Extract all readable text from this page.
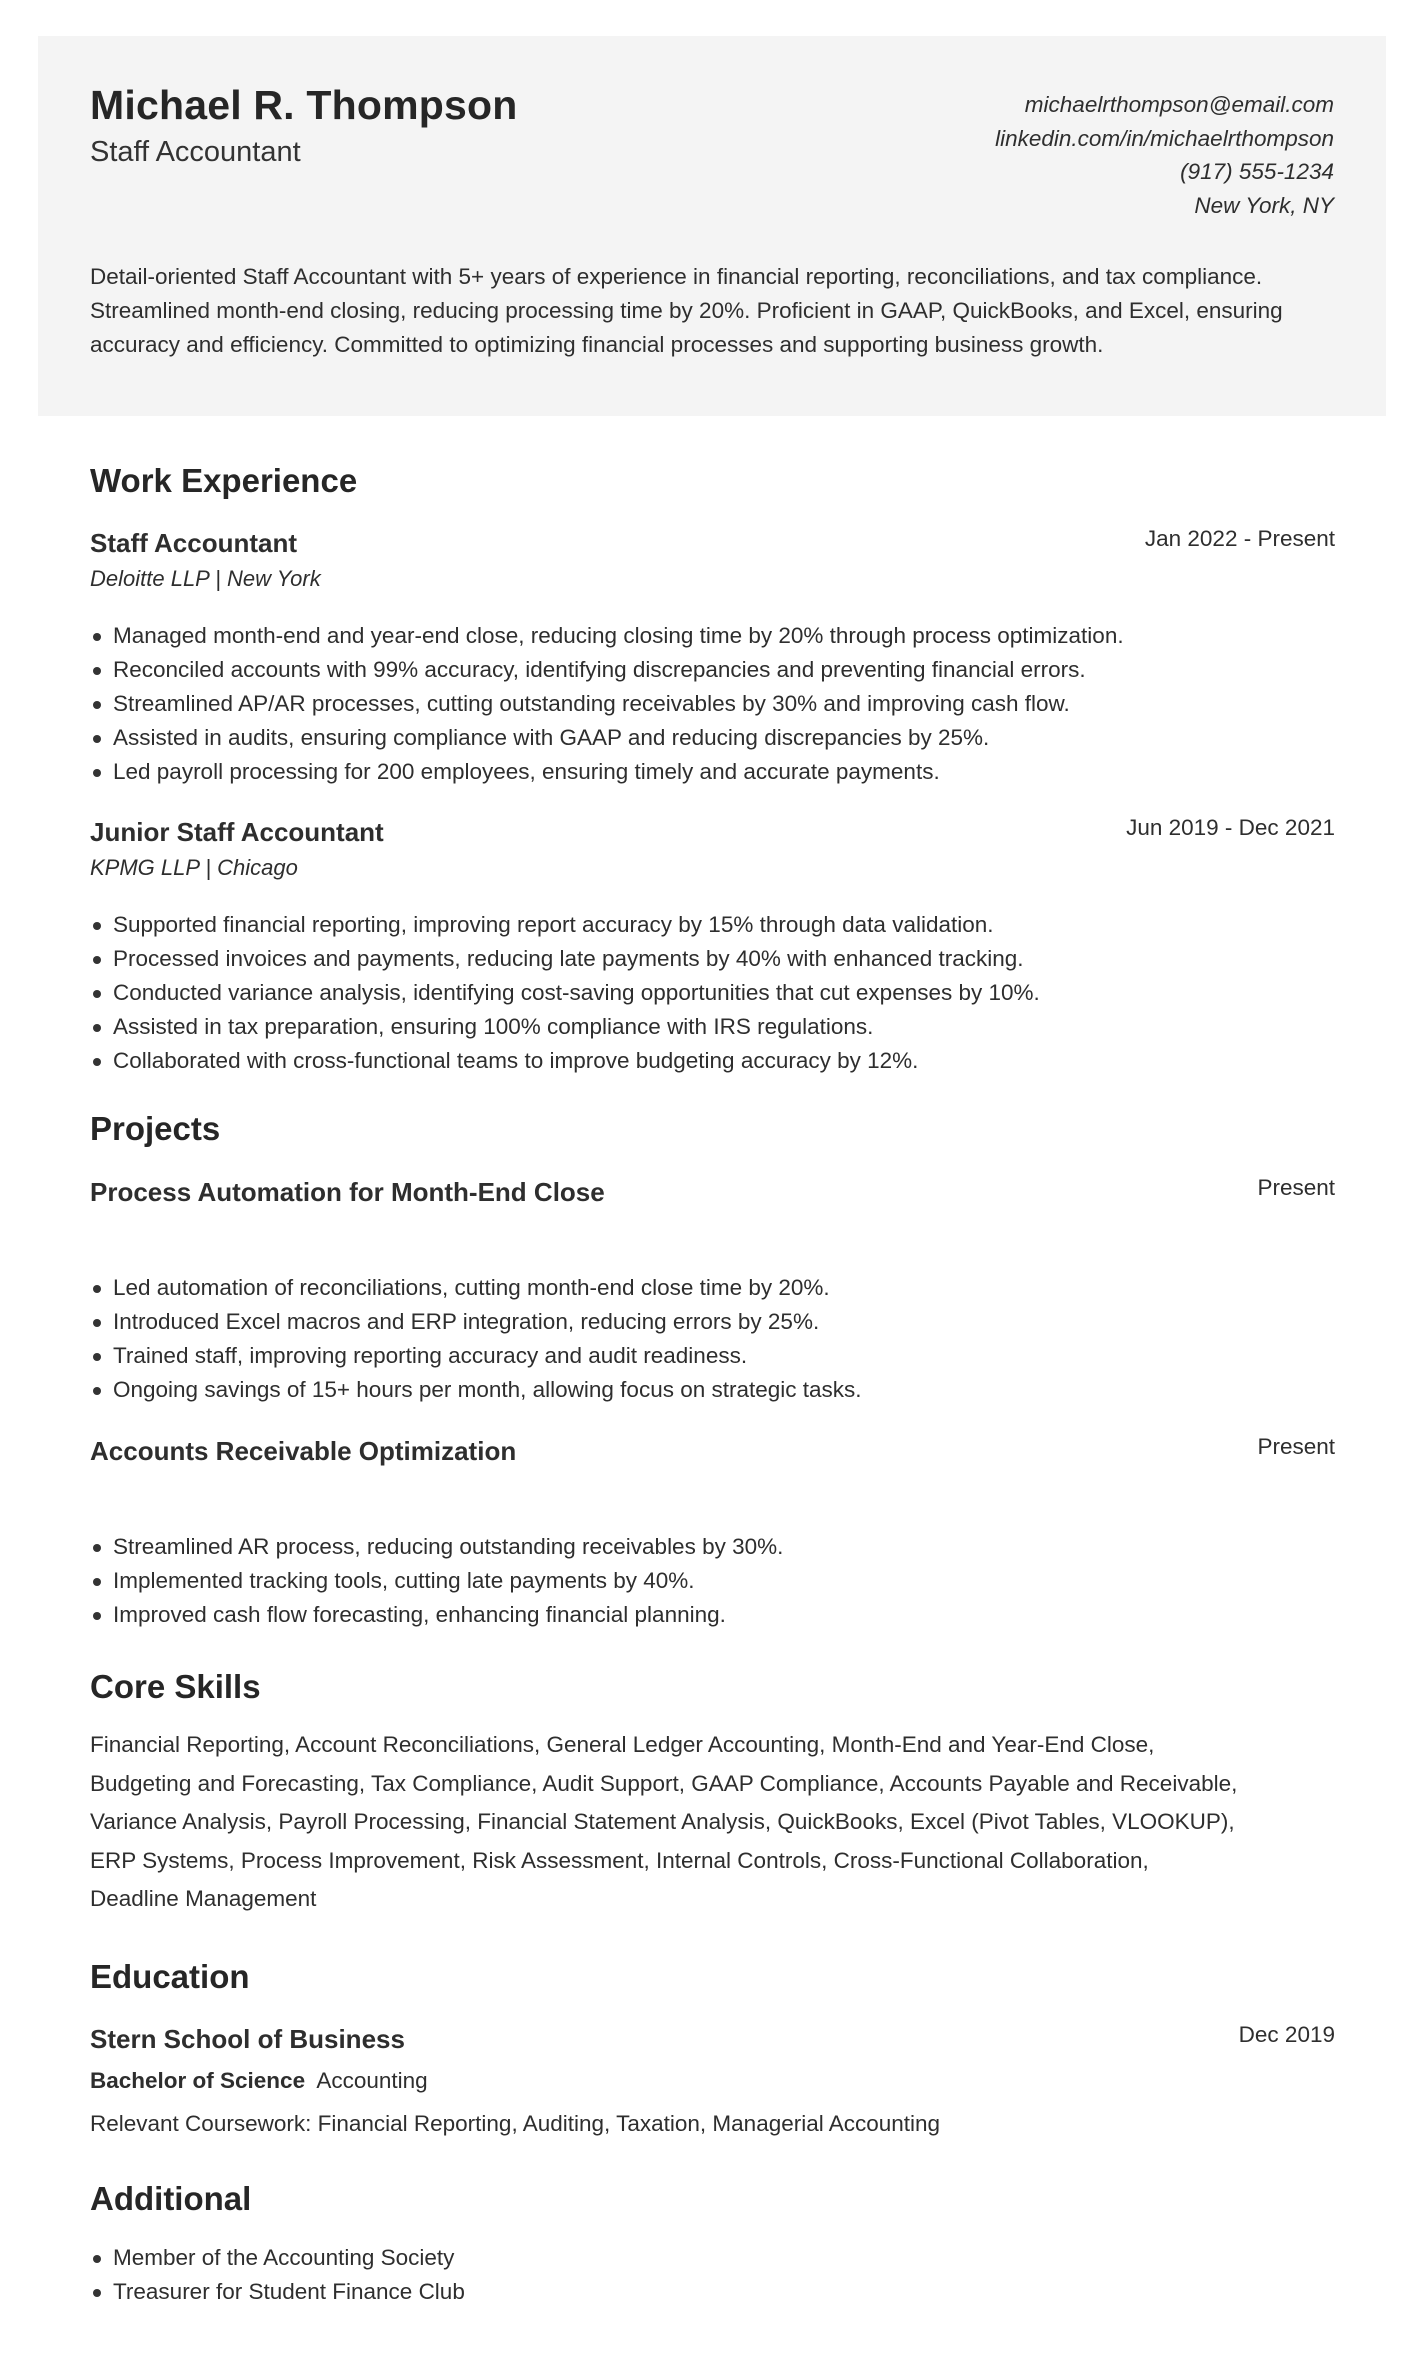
Michael R. Thompson
Staff Accountant
michaelrthompson@email.com
linkedin.com/in/michaelrthompson
(917) 555-1234
New York, NY
Detail-oriented Staff Accountant with 5+ years of experience in financial reporting, reconciliations, and tax compliance. Streamlined month-end closing, reducing processing time by 20%. Proficient in GAAP, QuickBooks, and Excel, ensuring accuracy and efficiency. Committed to optimizing financial processes and supporting business growth.
Work Experience
Staff Accountant	Jan 2022 - Present
Deloitte LLP | New York
Managed month-end and year-end close, reducing closing time by 20% through process optimization.
Reconciled accounts with 99% accuracy, identifying discrepancies and preventing financial errors.
Streamlined AP/AR processes, cutting outstanding receivables by 30% and improving cash flow.
Assisted in audits, ensuring compliance with GAAP and reducing discrepancies by 25%.
Led payroll processing for 200 employees, ensuring timely and accurate payments.
Junior Staff Accountant	Jun 2019 - Dec 2021
KPMG LLP | Chicago
Supported financial reporting, improving report accuracy by 15% through data validation.
Processed invoices and payments, reducing late payments by 40% with enhanced tracking.
Conducted variance analysis, identifying cost-saving opportunities that cut expenses by 10%.
Assisted in tax preparation, ensuring 100% compliance with IRS regulations.
Collaborated with cross-functional teams to improve budgeting accuracy by 12%.
Projects
Process Automation for Month-End Close	Present
Led automation of reconciliations, cutting month-end close time by 20%.
Introduced Excel macros and ERP integration, reducing errors by 25%.
Trained staff, improving reporting accuracy and audit readiness.
Ongoing savings of 15+ hours per month, allowing focus on strategic tasks.
Accounts Receivable Optimization	Present
Streamlined AR process, reducing outstanding receivables by 30%.
Implemented tracking tools, cutting late payments by 40%.
Improved cash flow forecasting, enhancing financial planning.
Core Skills
Financial Reporting, Account Reconciliations, General Ledger Accounting, Month-End and Year-End Close,
Budgeting and Forecasting, Tax Compliance, Audit Support, GAAP Compliance, Accounts Payable and Receivable,
Variance Analysis, Payroll Processing, Financial Statement Analysis, QuickBooks, Excel (Pivot Tables, VLOOKUP),
ERP Systems, Process Improvement, Risk Assessment, Internal Controls, Cross-Functional Collaboration,
Deadline Management
Education
Stern School of Business	Dec 2019
Bachelor of Science Accounting
Relevant Coursework: Financial Reporting, Auditing, Taxation, Managerial Accounting
Additional
Member of the Accounting Society
Treasurer for Student Finance Club
